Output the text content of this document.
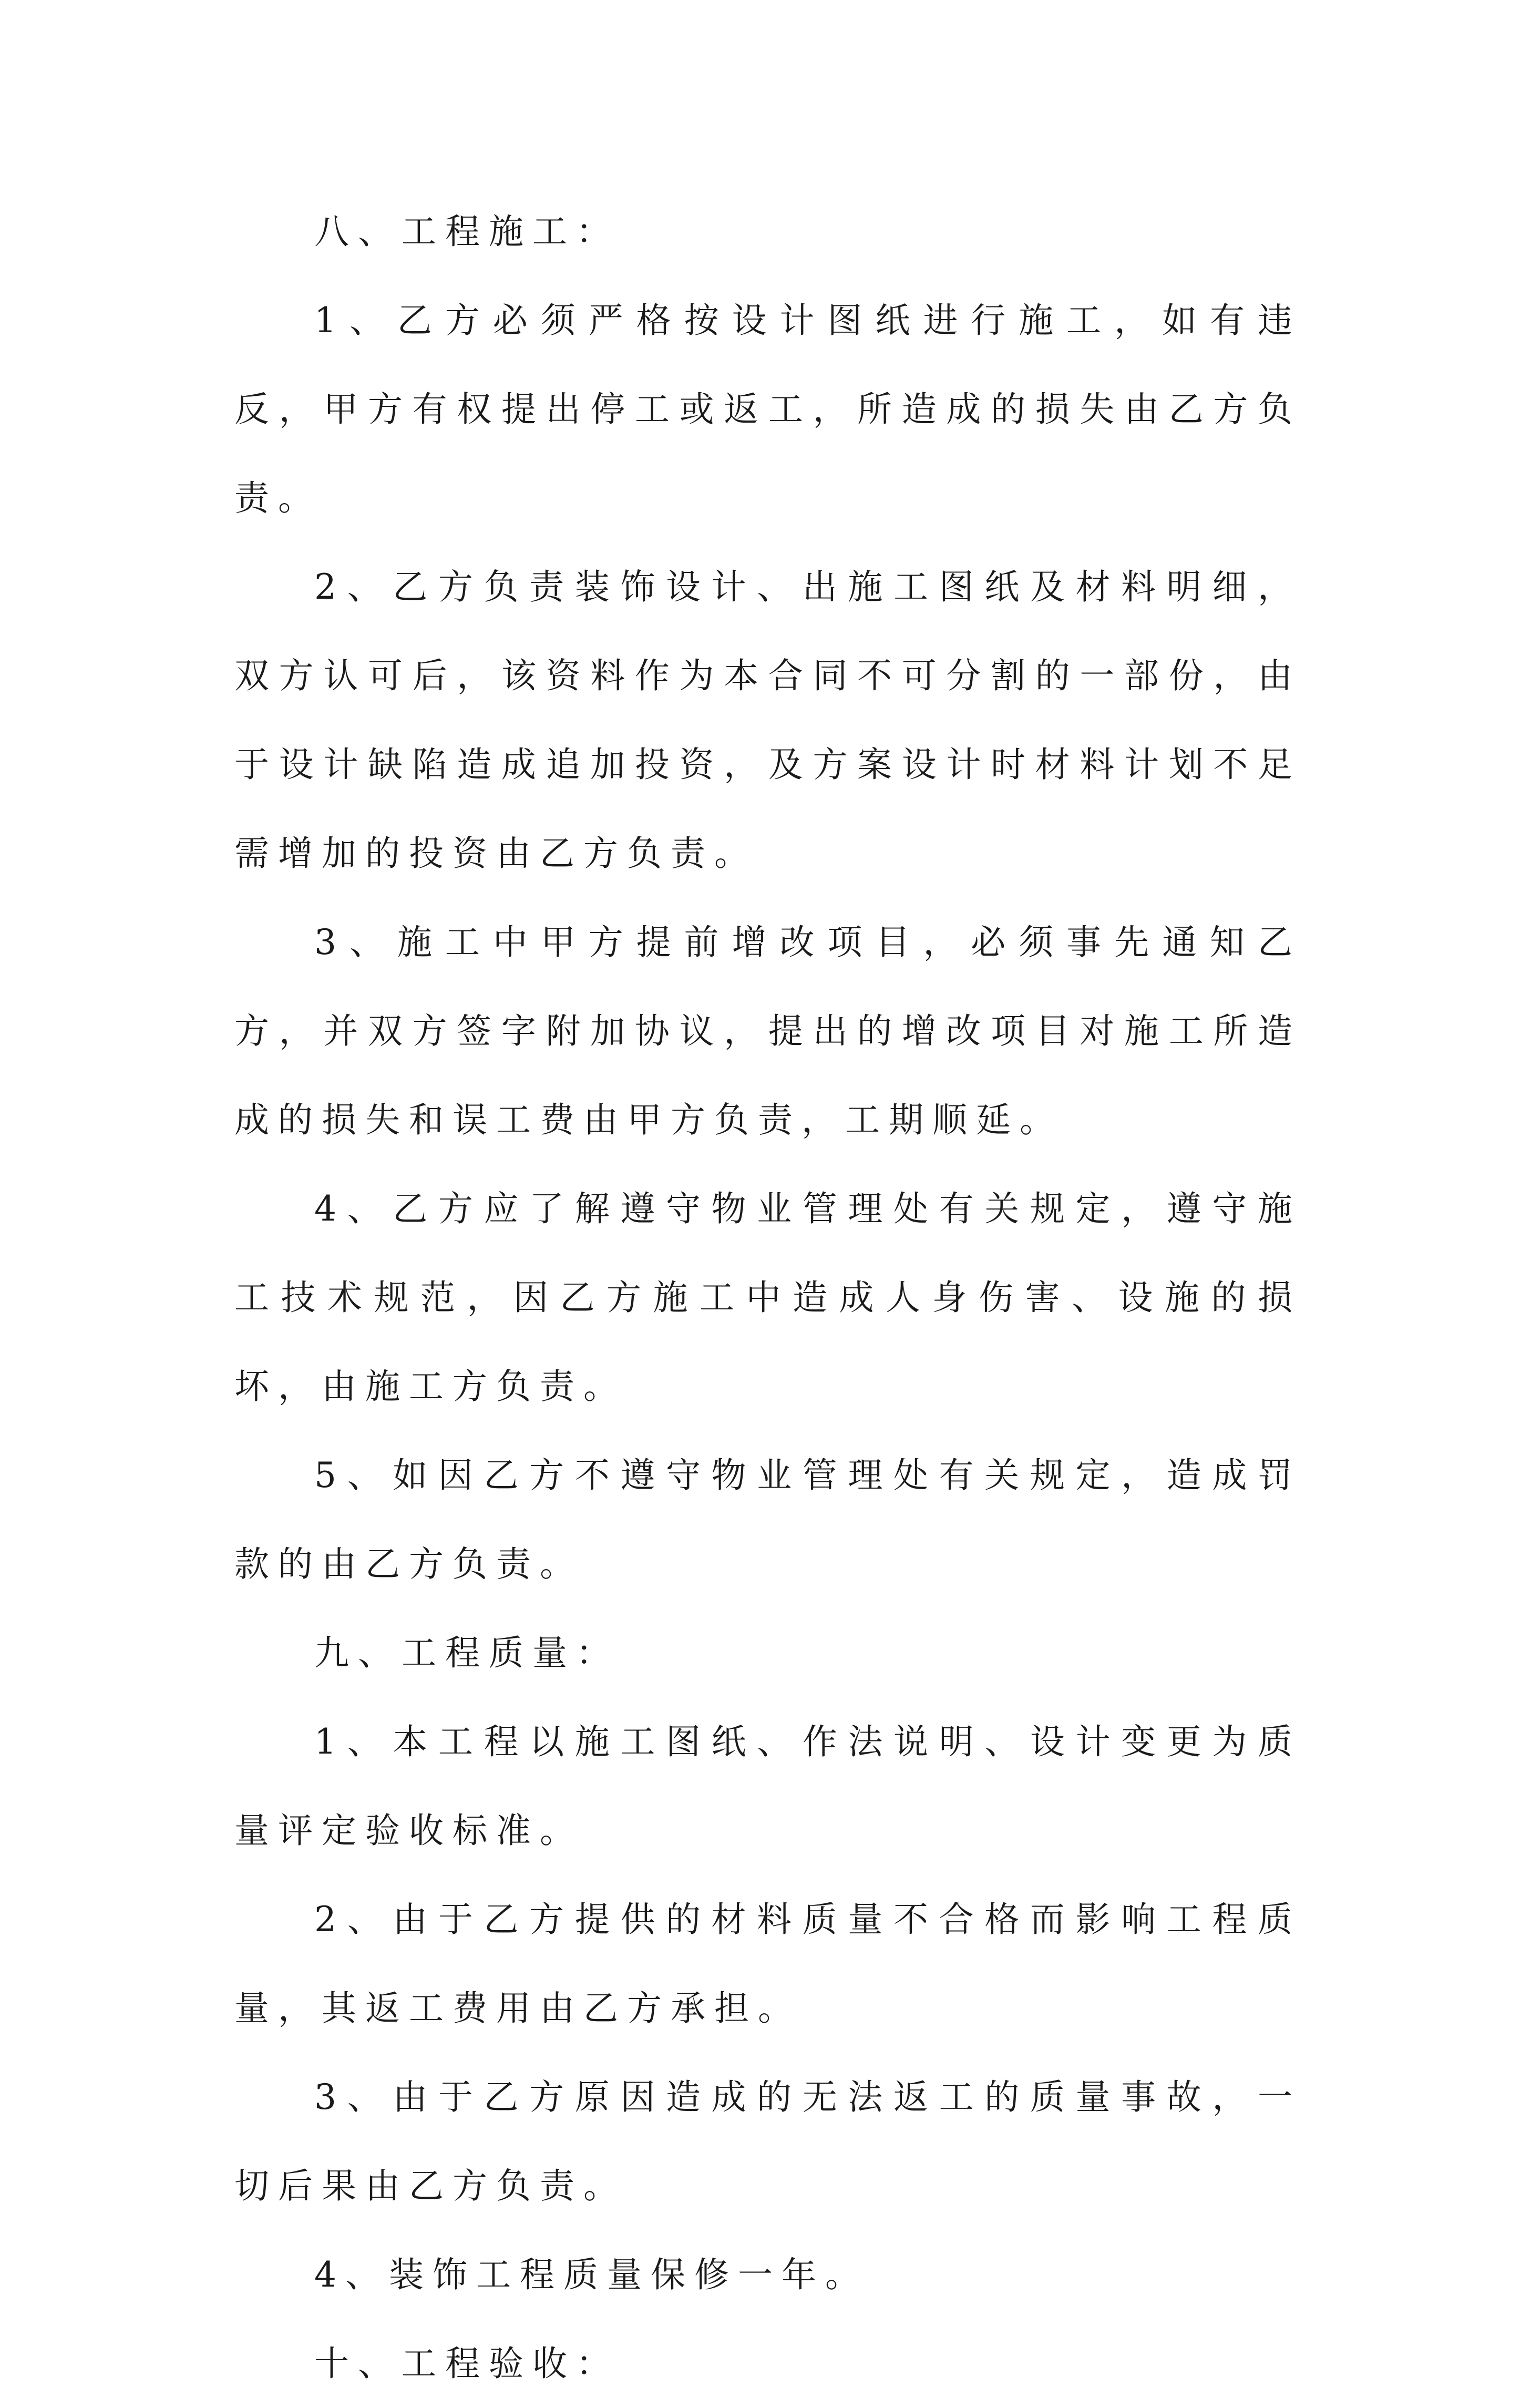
八、工程施工：

1、乙方必须严格按设计图纸进行施工，如有违反，甲方有权提出停工或返工，所造成的损失由乙方负责。

2、乙方负责装饰设计、出施工图纸及材料明细，双方认可后，该资料作为本合同不可分割的一部份，由于设计缺陷造成追加投资，及方案设计时材料计划不足需增加的投资由乙方负责。

3、施工中甲方提前增改项目，必须事先通知乙方，并双方签字附加协议，提出的增改项目对施工所造成的损失和误工费由甲方负责，工期顺延。

4、乙方应了解遵守物业管理处有关规定，遵守施工技术规范，因乙方施工中造成人身伤害、设施的损坏，由施工方负责。

5、如因乙方不遵守物业管理处有关规定，造成罚款的由乙方负责。

九、工程质量：

1、本工程以施工图纸、作法说明、设计变更为质量评定验收标准。

2、由于乙方提供的材料质量不合格而影响工程质量，其返工费用由乙方承担。

3、由于乙方原因造成的无法返工的质量事故，一切后果由乙方负责。

4、装饰工程质量保修一年。

十、工程验收：
